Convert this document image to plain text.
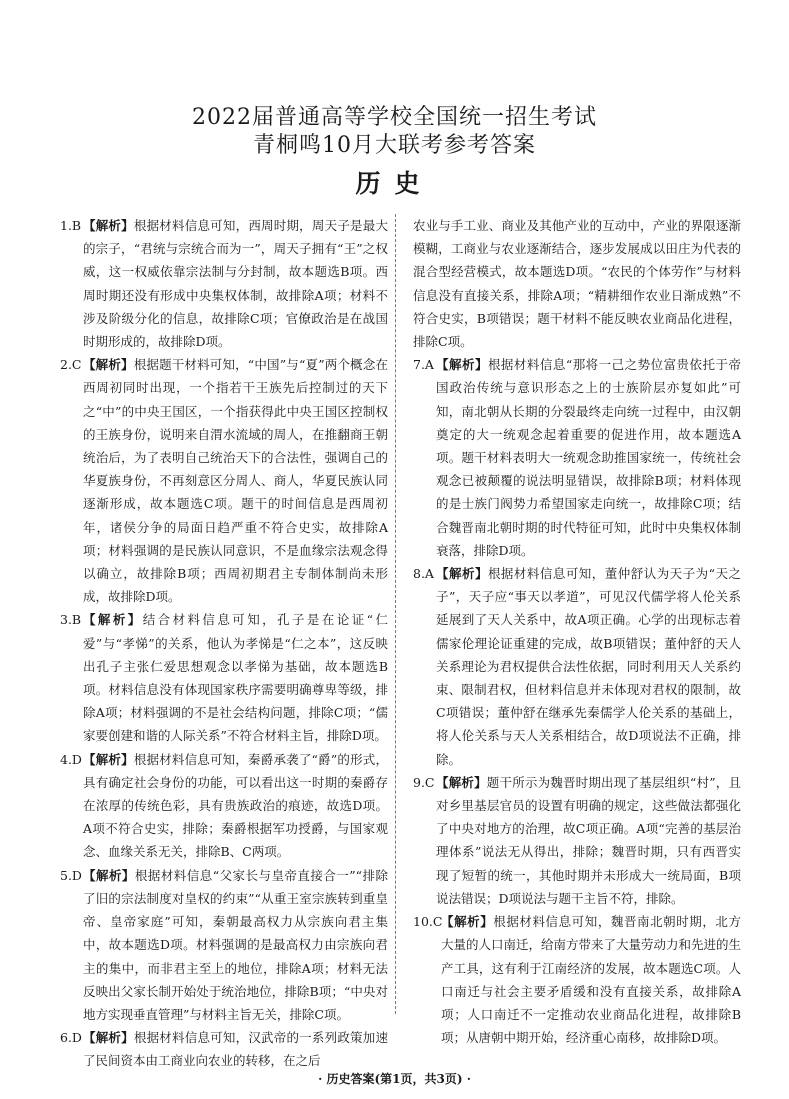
2022届普通高等学校全国统一招生考试
青桐鸣10月大联考参考答案
历史
1.B 【解析】根据材料信息可知，西周时期，周天子是最大的宗子，“君统与宗统合而为一”，周天子拥有“王”之权威，这一权威依靠宗法制与分封制，故本题选B项。西周时期还没有形成中央集权体制，故排除A项；材料不涉及阶级分化的信息，故排除C项；官僚政治是在战国时期形成的，故排除D项。
2.C 【解析】根据题干材料可知，“中国”与“夏”两个概念在西周初同时出现，一个指若干王族先后控制过的天下之“中”的中央王国区，一个指获得此中央王国区控制权的王族身份，说明来自渭水流域的周人，在推翻商王朝统治后，为了表明自己统治天下的合法性，强调自己的华夏族身份，不再刻意区分周人、商人，华夏民族认同逐渐形成，故本题选C项。题干的时间信息是西周初年，诸侯分争的局面日趋严重不符合史实，故排除A项；材料强调的是民族认同意识，不是血缘宗法观念得以确立，故排除B项；西周初期君主专制体制尚未形成，故排除D项。
3.B 【解析】结合材料信息可知，孔子是在论证“仁爱”与“孝悌”的关系，他认为孝悌是“仁之本”，这反映出孔子主张仁爱思想观念以孝悌为基础，故本题选B项。材料信息没有体现国家秩序需要明确尊卑等级，排除A项；材料强调的不是社会结构问题，排除C项；“儒家要创建和谐的人际关系”不符合材料主旨，排除D项。
4.D 【解析】根据材料信息可知，秦爵承袭了“爵”的形式，具有确定社会身份的功能，可以看出这一时期的秦爵存在浓厚的传统色彩，具有贵族政治的痕迹，故选D项。A项不符合史实，排除；秦爵根据军功授爵，与国家观念、血缘关系无关，排除B、C两项。
5.D 【解析】根据材料信息“父家长与皇帝直接合一”“排除了旧的宗法制度对皇权的约束”“从重王室宗族转到重皇帝、皇帝家庭”可知，秦朝最高权力从宗族向君主集中，故本题选D项。材料强调的是最高权力由宗族向君主的集中，而非君主至上的地位，排除A项；材料无法反映出父家长制开始处于统治地位，排除B项；“中央对地方实现垂直管理”与材料主旨无关，排除C项。
6.D 【解析】根据材料信息可知，汉武帝的一系列政策加速了民间资本由工商业向农业的转移，在之后
农业与手工业、商业及其他产业的互动中，产业的界限逐渐模糊，工商业与农业逐渐结合，逐步发展成以田庄为代表的混合型经营模式，故本题选D项。“农民的个体劳作”与材料信息没有直接关系，排除A项；“精耕细作农业日渐成熟”不符合史实，B项错误；题干材料不能反映农业商品化进程，排除C项。
7.A 【解析】根据材料信息“那将一己之势位富贵依托于帝国政治传统与意识形态之上的士族阶层亦复如此”可知，南北朝从长期的分裂最终走向统一过程中，由汉朝奠定的大一统观念起着重要的促进作用，故本题选A项。题干材料表明大一统观念助推国家统一，传统社会观念已被颠覆的说法明显错误，故排除B项；材料体现的是士族门阀势力希望国家走向统一，故排除C项；结合魏晋南北朝时期的时代特征可知，此时中央集权体制衰落，排除D项。
8.A 【解析】根据材料信息可知，董仲舒认为天子为“天之子”，天子应“事天以孝道”，可见汉代儒学将人伦关系延展到了天人关系中，故A项正确。心学的出现标志着儒家伦理论证重建的完成，故B项错误；董仲舒的天人关系理论为君权提供合法性依据，同时利用天人关系约束、限制君权，但材料信息并未体现对君权的限制，故C项错误；董仲舒在继承先秦儒学人伦关系的基础上，将人伦关系与天人关系相结合，故D项说法不正确，排除。
9.C 【解析】题干所示为魏晋时期出现了基层组织“村”，且对乡里基层官员的设置有明确的规定，这些做法都强化了中央对地方的治理，故C项正确。A项“完善的基层治理体系”说法无从得出，排除；魏晋时期，只有西晋实现了短暂的统一，其他时期并未形成大一统局面，B项说法错误；D项说法与题干主旨不符，排除。
10.C
【解析】根据材料信息可知，魏晋南北朝时期，北方大量的人口南迁，给南方带来了大量劳动力和先进的生产工具，这有利于江南经济的发展，故本题选C项。人口南迁与社会主要矛盾缓和没有直接关系，故排除A项；人口南迁不一定推动农业商品化进程，故排除B项；从唐朝中期开始，经济重心南移，故排除D项。
· 历史答案(第1页，共3页) ·
